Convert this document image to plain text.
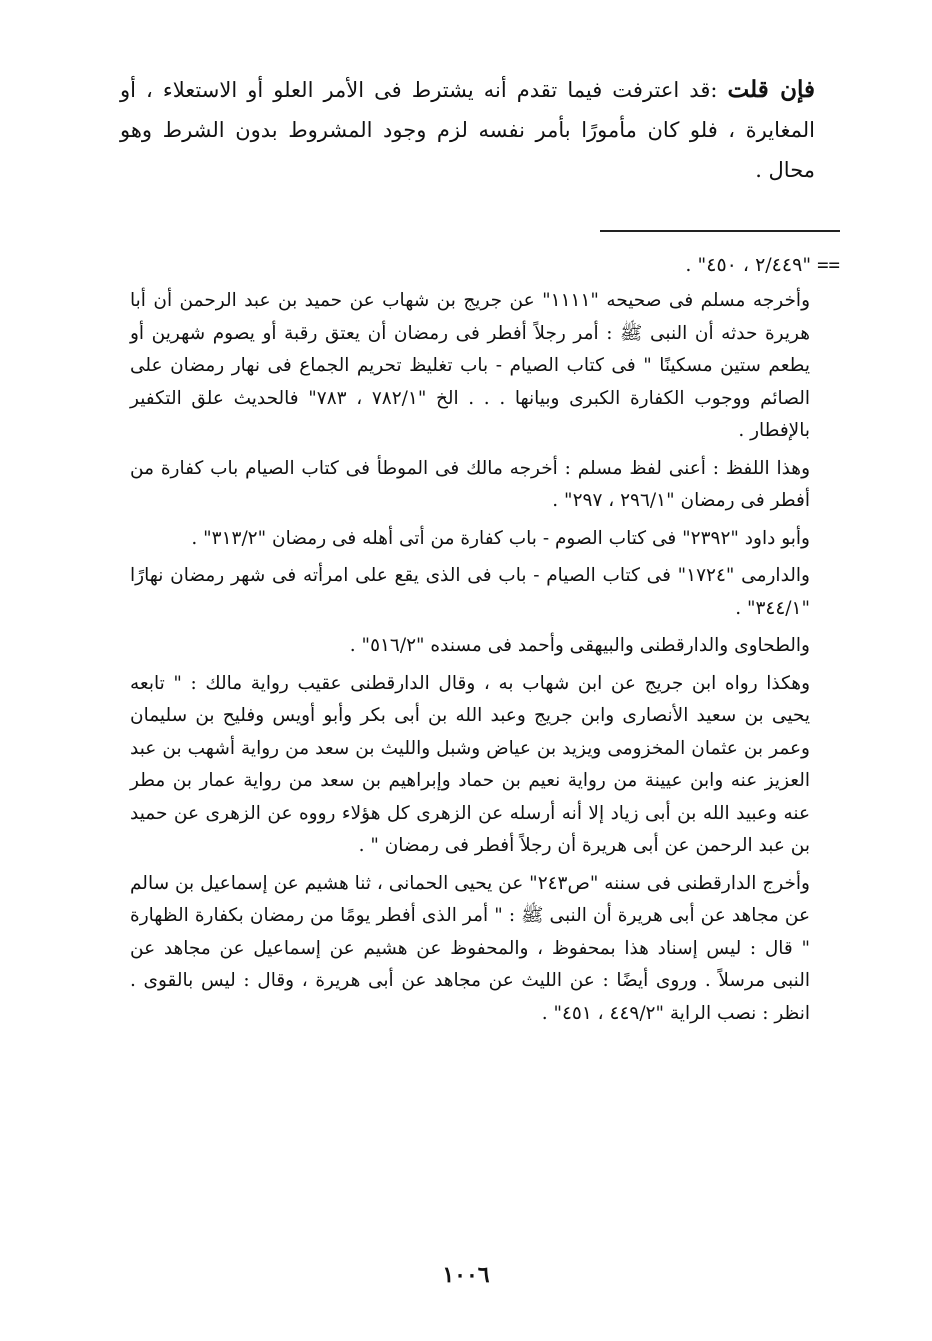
فإن قلت :قد اعترفت فيما تقدم أنه يشترط فى الأمر العلو أو الاستعلاء ، أو المغايرة ، فلو كان مأمورًا بأمر نفسه لزم وجود المشروط بدون الشرط وهو محال .
== "٢/٤٤٩ ، ٤٥٠" .

وأخرجه مسلم فى صحيحه "١١١١" عن جريج بن شهاب عن حميد بن عبد الرحمن أن أبا هريرة حدثه أن النبى ﷺ : أمر رجلاً أفطر فى رمضان أن يعتق رقبة أو يصوم شهرين أو يطعم ستين مسكينًا " فى كتاب الصيام - باب تغليظ تحريم الجماع فى نهار رمضان على الصائم ووجوب الكفارة الكبرى وبيانها . . . الخ "٧٨٢/١ ، ٧٨٣" فالحديث علق التكفير بالإفطار .

وهذا اللفظ : أعنى لفظ مسلم : أخرجه مالك فى الموطأ فى كتاب الصيام باب كفارة من أفطر فى رمضان "٢٩٦/١ ، ٢٩٧" .

وأبو داود "٢٣٩٢" فى كتاب الصوم - باب كفارة من أتى أهله فى رمضان "٣١٣/٢" .

والدارمى "١٧٢٤" فى كتاب الصيام - باب فى الذى يقع على امرأته فى شهر رمضان نهارًا "٣٤٤/١" .

والطحاوى والدارقطنى والبيهقى وأحمد فى مسنده "٥١٦/٢" .

وهكذا رواه ابن جريج عن ابن شهاب به ، وقال الدارقطنى عقيب رواية مالك : " تابعه يحيى بن سعيد الأنصارى وابن جريج وعبد الله بن أبى بكر وأبو أويس وفليح بن سليمان وعمر بن عثمان المخزومى ويزيد بن عياض وشبل والليث بن سعد من رواية أشهب بن عبد العزيز عنه وابن عيينة من رواية نعيم بن حماد وإبراهيم بن سعد من رواية عمار بن مطر عنه وعبيد الله بن أبى زياد إلا أنه أرسله عن الزهرى كل هؤلاء رووه عن الزهرى عن حميد بن عبد الرحمن عن أبى هريرة أن رجلاً أفطر فى رمضان " .

وأخرج الدارقطنى فى سننه "ص٢٤٣" عن يحيى الحمانى ، ثنا هشيم عن إسماعيل بن سالم عن مجاهد عن أبى هريرة أن النبى ﷺ : " أمر الذى أفطر يومًا من رمضان بكفارة الظهارة " قال : ليس إسناد هذا بمحفوظ ، والمحفوظ عن هشيم عن إسماعيل عن مجاهد عن النبى مرسلاً . وروى أيضًا : عن الليث عن مجاهد عن أبى هريرة ، وقال : ليس بالقوى . انظر : نصب الراية "٤٤٩/٢ ، ٤٥١" .

١٠٠٦
